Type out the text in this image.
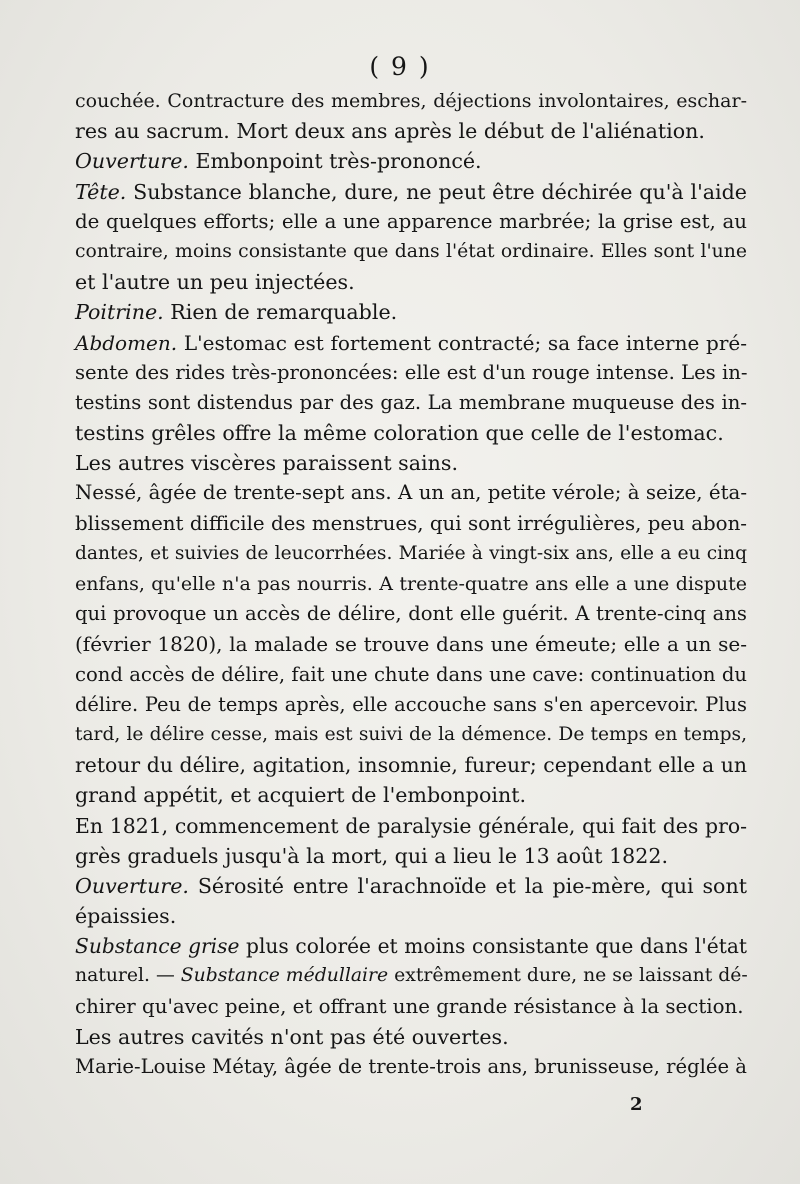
( 9 )
couchée. Contracture des membres, déjections involontaires, eschar-
res au sacrum. Mort deux ans après le début de l'aliénation.
Ouverture. Embonpoint très-prononcé.
Tête. Substance blanche, dure, ne peut être déchirée qu'à l'aide
de quelques efforts; elle a une apparence marbrée; la grise est, au
contraire, moins consistante que dans l'état ordinaire. Elles sont l'une
et l'autre un peu injectées.
Poitrine. Rien de remarquable.
Abdomen. L'estomac est fortement contracté; sa face interne pré-
sente des rides très-prononcées: elle est d'un rouge intense. Les in-
testins sont distendus par des gaz. La membrane muqueuse des in-
testins grêles offre la même coloration que celle de l'estomac.
Les autres viscères paraissent sains.
Nessé, âgée de trente-sept ans. A un an, petite vérole; à seize, éta-
blissement difficile des menstrues, qui sont irrégulières, peu abon-
dantes, et suivies de leucorrhées. Mariée à vingt-six ans, elle a eu cinq
enfans, qu'elle n'a pas nourris. A trente-quatre ans elle a une dispute
qui provoque un accès de délire, dont elle guérit. A trente-cinq ans
(février 1820), la malade se trouve dans une émeute; elle a un se-
cond accès de délire, fait une chute dans une cave: continuation du
délire. Peu de temps après, elle accouche sans s'en apercevoir. Plus
tard, le délire cesse, mais est suivi de la démence. De temps en temps,
retour du délire, agitation, insomnie, fureur; cependant elle a un
grand appétit, et acquiert de l'embonpoint.
En 1821, commencement de paralysie générale, qui fait des pro-
grès graduels jusqu'à la mort, qui a lieu le 13 août 1822.
Ouverture. Sérosité entre l'arachnoïde et la pie-mère, qui sont
épaissies.
Substance grise plus colorée et moins consistante que dans l'état
naturel. — Substance médullaire extrêmement dure, ne se laissant dé-
chirer qu'avec peine, et offrant une grande résistance à la section.
Les autres cavités n'ont pas été ouvertes.
Marie-Louise Métay, âgée de trente-trois ans, brunisseuse, réglée à
2
